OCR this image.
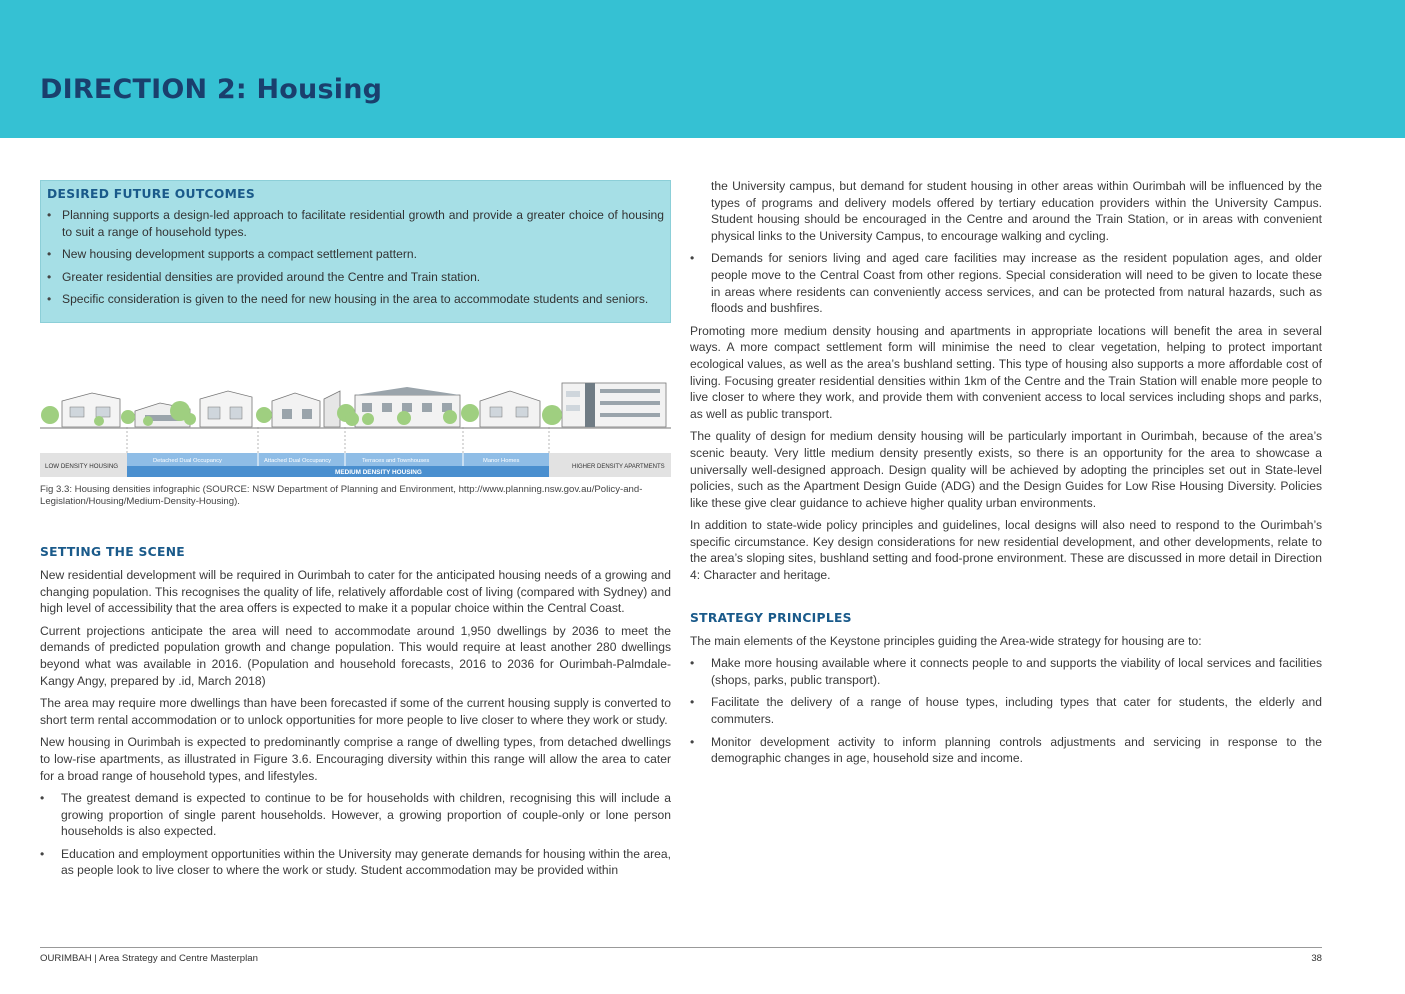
DIRECTION 2: Housing
DESIRED FUTURE OUTCOMES
• Planning supports a design-led approach to facilitate residential growth and provide a greater choice of housing to suit a range of household types.
• New housing development supports a compact settlement pattern.
• Greater residential densities are provided around the Centre and Train station.
• Specific consideration is given to the need for new housing in the area to accommodate students and seniors.
LOW DENSITY HOUSING
Detached Dual Occupancy	Attached Dual Occupancy	Terraces and Townhouses	Manor Homes
MEDIUM DENSITY HOUSING
HIGHER DENSITY APARTMENTS

Fig 3.3: Housing densities infographic (SOURCE: NSW Department of Planning and Environment, http://www.planning.nsw.gov.au/Policy-and-Legislation/Housing/Medium-Density-Housing).

SETTING THE SCENE

New residential development will be required in Ourimbah to cater for the anticipated housing needs of a growing and changing population. This recognises the quality of life, relatively affordable cost of living (compared with Sydney) and high level of accessibility that the area offers is expected to make it a popular choice within the Central Coast.

Current projections anticipate the area will need to accommodate around 1,950 dwellings by 2036 to meet the demands of predicted population growth and change population. This would require at least another 280 dwellings beyond what was available in 2016. (Population and household forecasts, 2016 to 2036 for Ourimbah-Palmdale-Kangy Angy, prepared by .id, March 2018)

The area may require more dwellings than have been forecasted if some of the current housing supply is converted to short term rental accommodation or to unlock opportunities for more people to live closer to where they work or study.

New housing in Ourimbah is expected to predominantly comprise a range of dwelling types, from detached dwellings to low-rise apartments, as illustrated in Figure 3.6. Encouraging diversity within this range will allow the area to cater for a broad range of household types, and lifestyles.

• The greatest demand is expected to continue to be for households with children, recognising this will include a growing proportion of single parent households. However, a growing proportion of couple-only or lone person households is also expected.
• Education and employment opportunities within the University may generate demands for housing within the area, as people look to live closer to where the work or study. Student accommodation may be provided within
the University campus, but demand for student housing in other areas within Ourimbah will be influenced by the types of programs and delivery models offered by tertiary education providers within the University Campus. Student housing should be encouraged in the Centre and around the Train Station, or in areas with convenient physical links to the University Campus, to encourage walking and cycling.
• Demands for seniors living and aged care facilities may increase as the resident population ages, and older people move to the Central Coast from other regions. Special consideration will need to be given to locate these in areas where residents can conveniently access services, and can be protected from natural hazards, such as floods and bushfires.

Promoting more medium density housing and apartments in appropriate locations will benefit the area in several ways. A more compact settlement form will minimise the need to clear vegetation, helping to protect important ecological values, as well as the area’s bushland setting. This type of housing also supports a more affordable cost of living. Focusing greater residential densities within 1km of the Centre and the Train Station will enable more people to live closer to where they work, and provide them with convenient access to local services including shops and parks, as well as public transport.

The quality of design for medium density housing will be particularly important in Ourimbah, because of the area’s scenic beauty. Very little medium density presently exists, so there is an opportunity for the area to showcase a universally well-designed approach. Design quality will be achieved by adopting the principles set out in State-level policies, such as the Apartment Design Guide (ADG) and the Design Guides for Low Rise Housing Diversity. Policies like these give clear guidance to achieve higher quality urban environments.

In addition to state-wide policy principles and guidelines, local designs will also need to respond to the Ourimbah’s specific circumstance. Key design considerations for new residential development, and other developments, relate to the area’s sloping sites, bushland setting and food-prone environment. These are discussed in more detail in Direction 4: Character and heritage.

STRATEGY PRINCIPLES

The main elements of the Keystone principles guiding the Area-wide strategy for housing are to:

• Make more housing available where it connects people to and supports the viability of local services and facilities (shops, parks, public transport).
• Facilitate the delivery of a range of house types, including types that cater for students, the elderly and commuters.
• Monitor development activity to inform planning controls adjustments and servicing in response to the demographic changes in age, household size and income.
OURIMBAH | Area Strategy and Centre Masterplan	38
